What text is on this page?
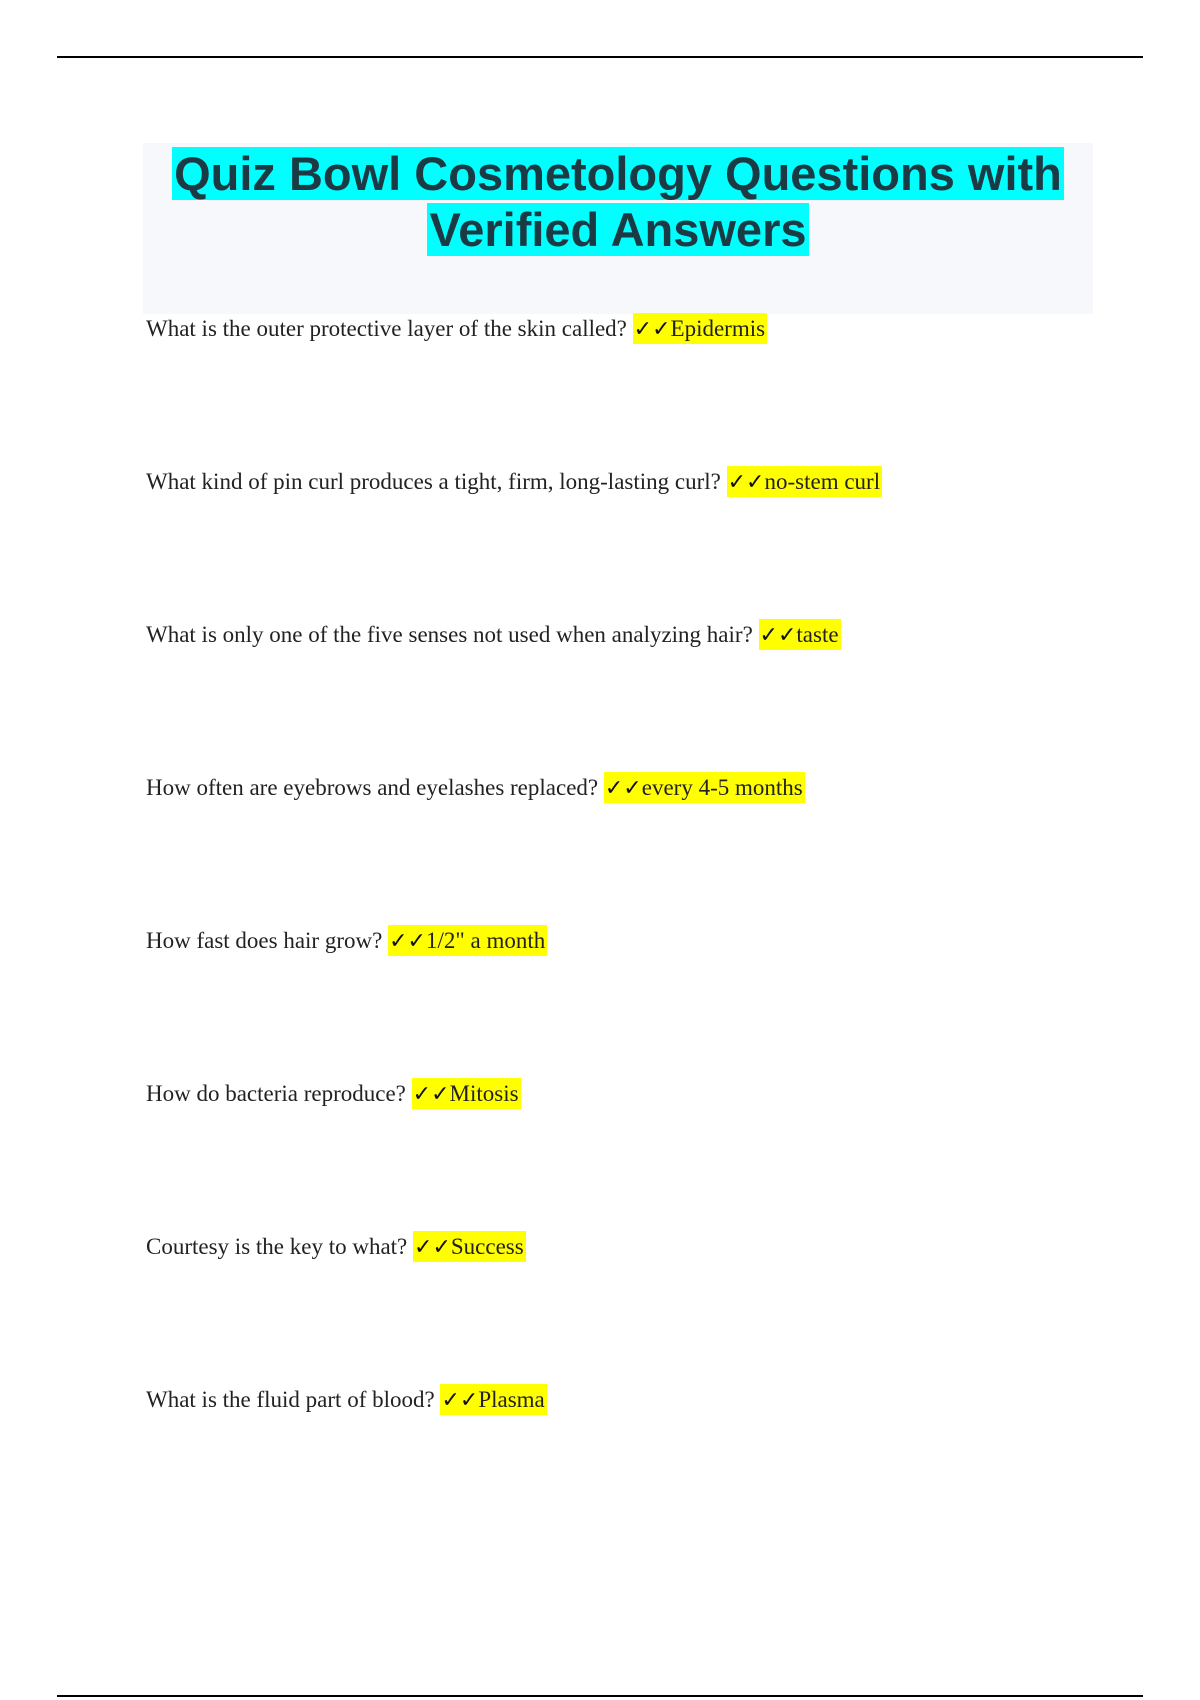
Quiz Bowl Cosmetology Questions with Verified Answers
What is the outer protective layer of the skin called? ✓✓Epidermis
What kind of pin curl produces a tight, firm, long-lasting curl? ✓✓no-stem curl
What is only one of the five senses not used when analyzing hair? ✓✓taste
How often are eyebrows and eyelashes replaced? ✓✓every 4-5 months
How fast does hair grow? ✓✓1/2" a month
How do bacteria reproduce? ✓✓Mitosis
Courtesy is the key to what? ✓✓Success
What is the fluid part of blood? ✓✓Plasma
